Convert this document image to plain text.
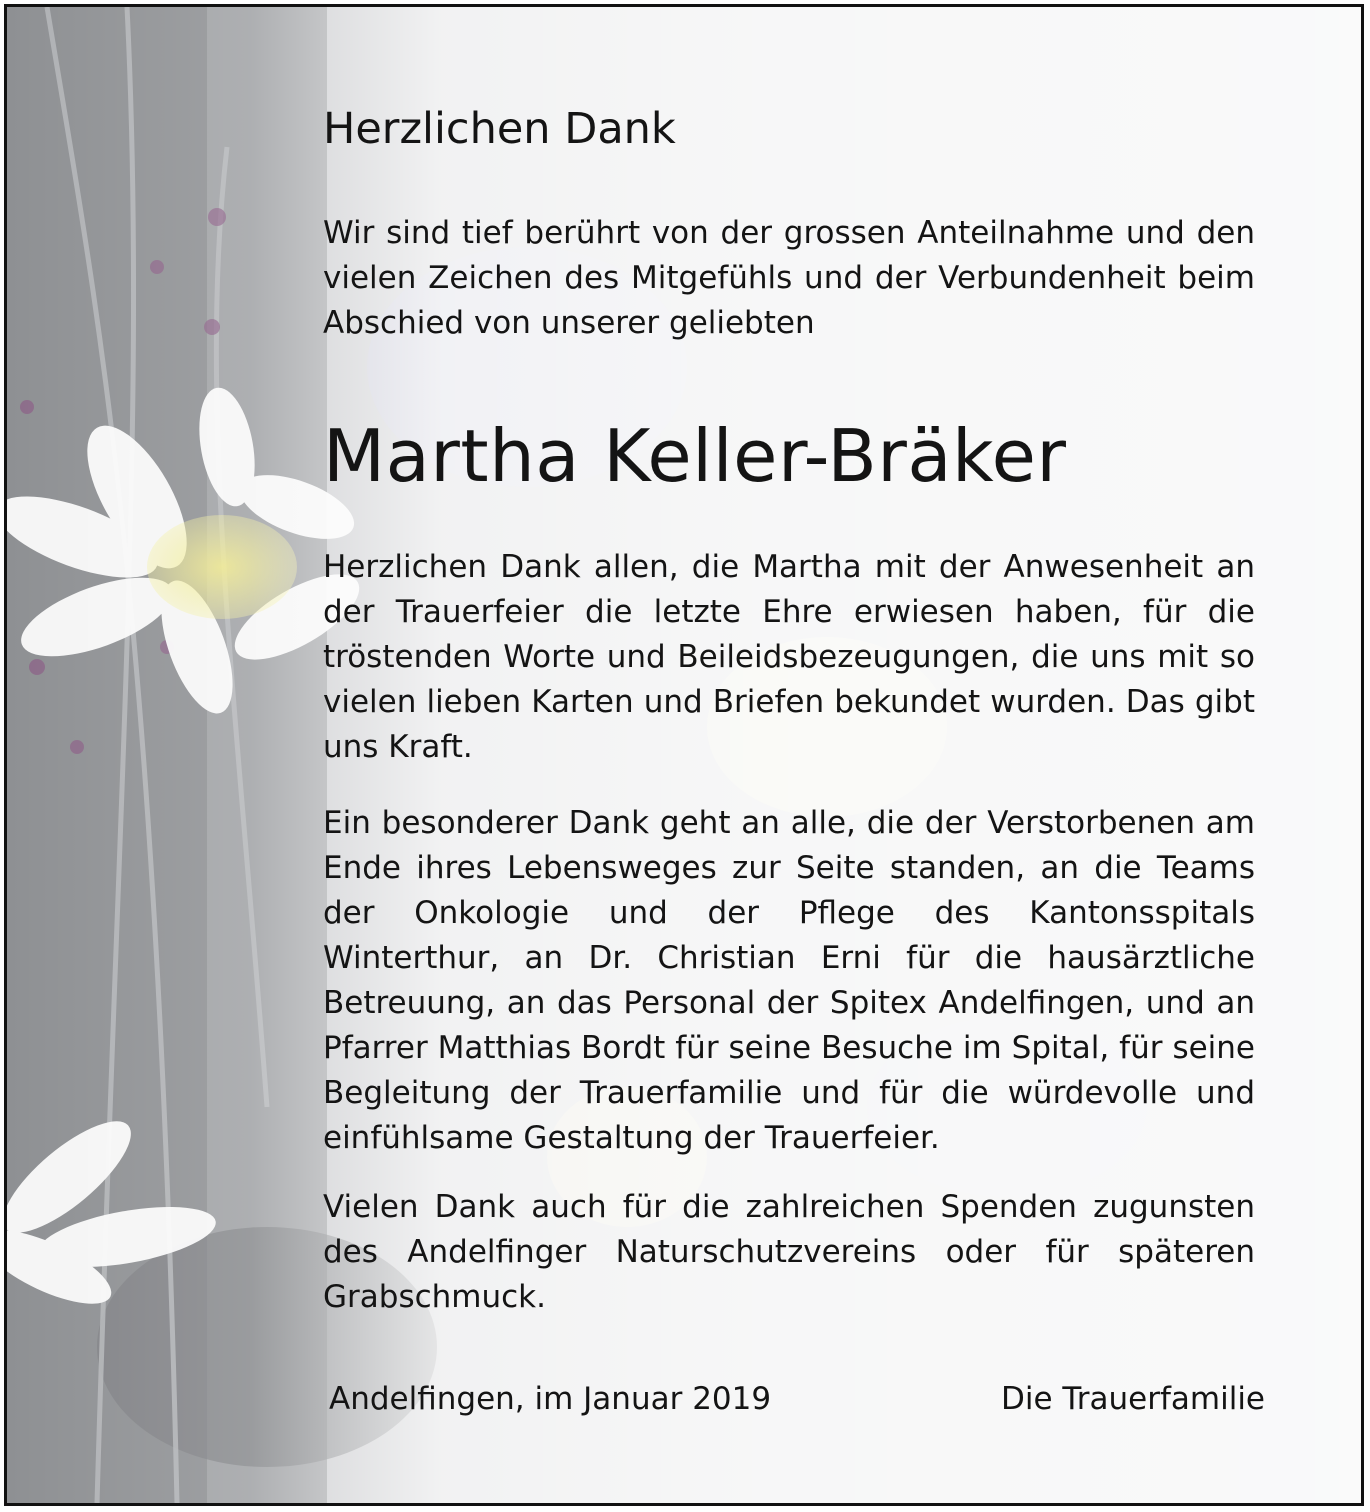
Herzlichen Dank

Wir sind tief berührt von der grossen Anteilnahme und den vielen Zeichen des Mitgefühls und der Verbundenheit beim Abschied von unserer geliebten

Martha Keller-Bräker

Herzlichen Dank allen, die Martha mit der Anwesenheit an der Trauerfeier die letzte Ehre erwiesen haben, für die tröstenden Worte und Beileidsbezeugungen, die uns mit so vielen lieben Karten und Briefen bekundet wurden. Das gibt uns Kraft.

Ein besonderer Dank geht an alle, die der Verstorbenen am Ende ihres Lebensweges zur Seite standen, an die Teams der Onkologie und der Pflege des Kantonsspitals Winterthur, an Dr. Christian Erni für die hausärztliche Betreuung, an das Personal der Spitex Andelfingen, und an Pfarrer Matthias Bordt für seine Besuche im Spital, für seine Begleitung der Trauerfamilie und für die würdevolle und einfühlsame Gestaltung der Trauerfeier.

Vielen Dank auch für die zahlreichen Spenden zugunsten des Andelfinger Naturschutzvereins oder für späteren Grabschmuck.

Andelfingen, im Januar 2019	Die Trauerfamilie
